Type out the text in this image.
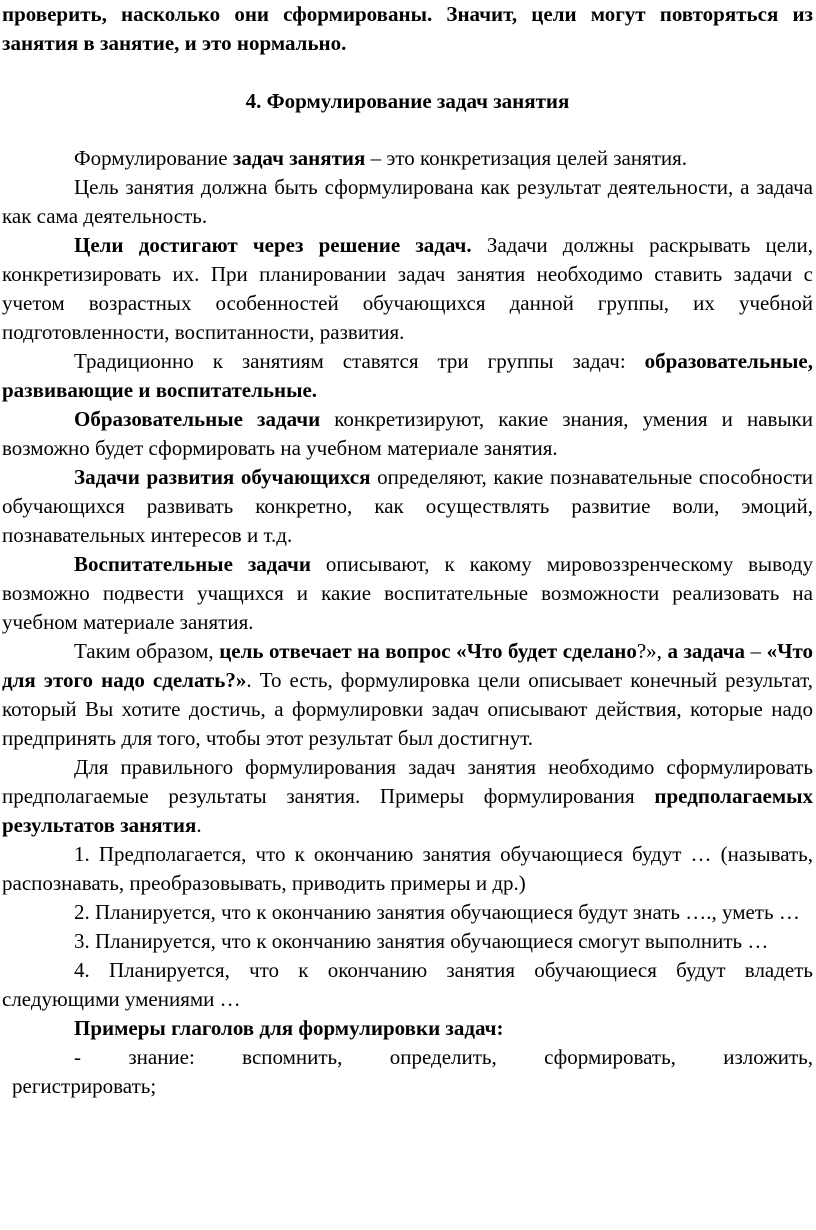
проверить, насколько они сформированы. Значит, цели могут повторяться из занятия в занятие, и это нормально.

4. Формулирование задач занятия

Формулирование задач занятия – это конкретизация целей занятия.

Цель занятия должна быть сформулирована как результат деятельности, а задача как сама деятельность.

Цели достигают через решение задач. Задачи должны раскрывать цели, конкретизировать их. При планировании задач занятия необходимо ставить задачи с учетом возрастных особенностей обучающихся данной группы, их учебной подготовленности, воспитанности, развития.

Традиционно к занятиям ставятся три группы задач: образовательные, развивающие и воспитательные.

Образовательные задачи конкретизируют, какие знания, умения и навыки возможно будет сформировать на учебном материале занятия.

Задачи развития обучающихся определяют, какие познавательные способности обучающихся развивать конкретно, как осуществлять развитие воли, эмоций, познавательных интересов и т.д.

Воспитательные задачи описывают, к какому мировоззренческому выводу возможно подвести учащихся и какие воспитательные возможности реализовать на учебном материале занятия.

Таким образом, цель отвечает на вопрос «Что будет сделано?», а задача – «Что для этого надо сделать?». То есть, формулировка цели описывает конечный результат, который Вы хотите достичь, а формулировки задач описывают действия, которые надо предпринять для того, чтобы этот результат был достигнут.

Для правильного формулирования задач занятия необходимо сформулировать предполагаемые результаты занятия. Примеры формулирования предполагаемых результатов занятия.

1. Предполагается, что к окончанию занятия обучающиеся будут … (называть, распознавать, преобразовывать, приводить примеры и др.)

2. Планируется, что к окончанию занятия обучающиеся будут знать …., уметь …

3. Планируется, что к окончанию занятия обучающиеся смогут выполнить …

4. Планируется, что к окончанию занятия обучающиеся будут владеть следующими умениями …

Примеры глаголов для формулировки задач:

- знание: вспомнить, определить, сформировать, изложить,

регистрировать;
